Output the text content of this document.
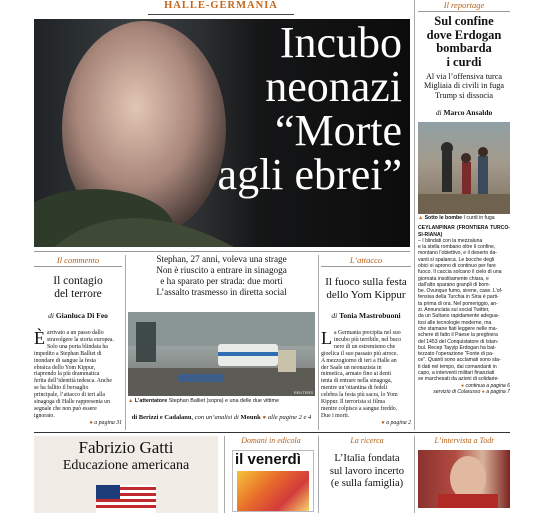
HALLE-GERMANIA
Incubo
neonazi
“Morte
agli ebrei”
Il reportage
Sul confine
dove Erdogan
bombarda
i curdi
Al via l’offensiva turca
Migliaia di civili in fuga
Trump si dissocia
di Marco Ansaldo
▲ Sotto le bombe I curdi in fuga
CEYLANPINAR (FRONTIERA TURCO-SI-RIANA)
– I blindati con la mezzaluna
e la stella rombano oltre il confine,
montano l’obiettivo, e il deserto da-
vanti si spalanca. Le bocche degli
obici si aprono di continuo per fare
fuoco. Il caccia solcano il cielo di una
giornata insolitamente chiara, e
dall’alto sparano granpli di bom-
be. Ovunque fumo, sirene, case. L’of-
fensiva della Turchia in Siria è parti-
ta prima di ora. Nel pomeriggio, an-
zi. Annunciata sui social Twitter,
da un Sultano rapidamente adegua-
tosi alle tecnologie moderne, ma
che stamane fiati leggere nelle ma-
schere di fatto il Paese la preghiera
del 1453 del Conquistatore di Istan-
bul. Recep Tayyip Erdogan ha bat-
tezzato l’operazione “Fonte di pa-
ce”. Quanti sono acclamati sono sta-
ti dati nel tempo, dai comandanti in
capo, a interventi militari finanziati
se marchesati da azioni di solidarie-
● continua a pagina 6
servizio di Colarusso ● a pagina 7
Il commento
Il contagio
del terrore
di Gianluca Di Feo
È arrivato a un passo dallo
stravolgere la storia europea.
Solo una porta blindata ha
impedito a Stephan Balliet di
inondare di sangue la festa
ebraica dello Yom Kippur,
riaprendo la più drammatica
ferita dell’identità tedesca. Anche
se ha fallito il bersaglio
principale, l’attacco di ieri alla
sinagoga di Halle rappresenta un
segnale che non può essere
ignorato.
● a pagina 31
Stephan, 27 anni, voleva una strage
Non è riuscito a entrare in sinagoga
e ha sparato per strada: due morti
L’assalto trasmesso in diretta social
REUTERS
▲ L’attentatore Stephan Balliet (sopra) e una delle due vittime
di Berizzi e Cadalanu, con un’analisi di Mounk ● alle pagine 2 e 4
L’attacco
Il fuoco sulla festa
dello Yom Kippur
di Tonia Mastrobuoni
L a Germania precipita nel suo
incubo più terribile, nel buco
nero di un estremismo che
gioelica il suo passato più atroce.
A mezzogiorno di ieri a Halle an
der Saale un neonazista in
mimetica, armato fino ai denti
tenta di entrare nella sinagoga,
mentre un’ottantina di fedeli
celebra la festa più sacra, lo Yom
Kippur. Il terrorista si filma
mentre colpisce a sangue freddo.
Due i morti.
● a pagina 2
Fabrizio Gatti
Educazione americana
Domani in edicola
il venerdì
La ricerca
L’Italia fondata
sul lavoro incerto
(e sulla famiglia)
L’intervista a Todt
